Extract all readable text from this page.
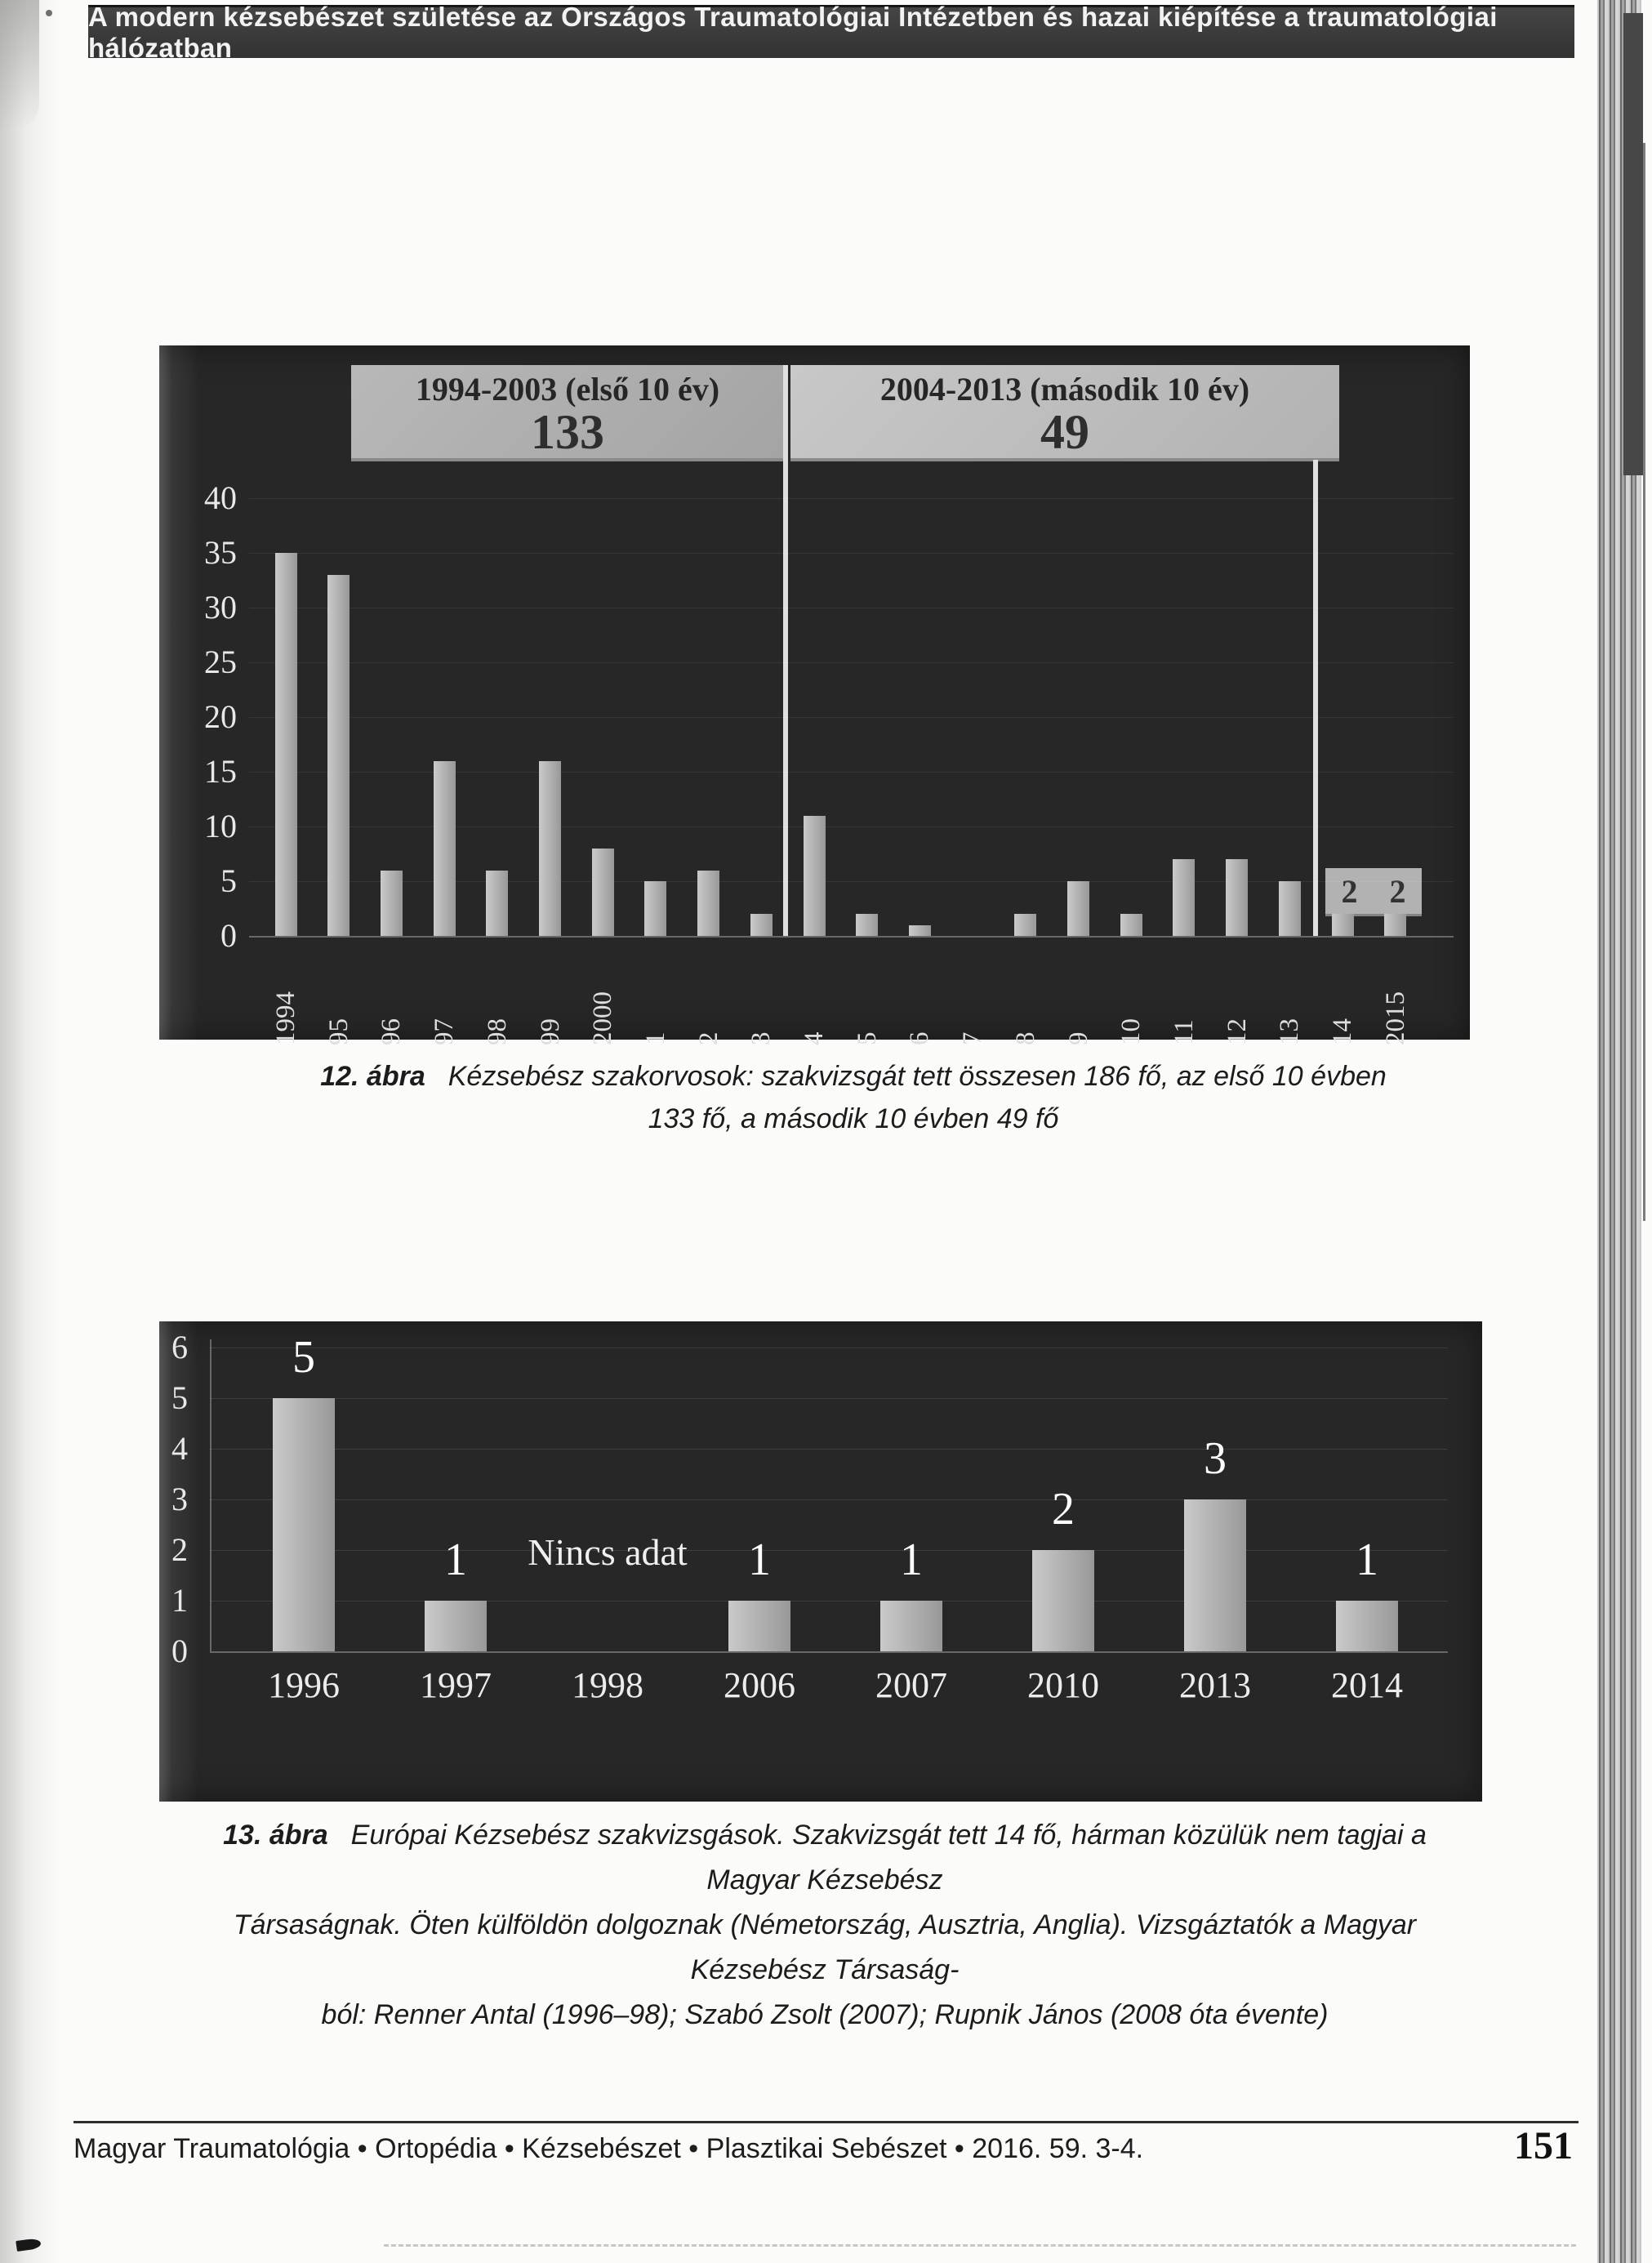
A modern kézsebészet születése az Országos Traumatológiai Intézetben és hazai kiépítése a traumatológiai hálózatban
1994-2003 (első 10 év)
133
2004-2013 (második 10 év)
49
2 2
0
5
10
15
20
25
30
35
40
1994 95 96 97 98 99 2000 1 2 3 4 5 6 7 8 9 10 11 12 13 14 2015

12. ábra Kézsebész szakorvosok: szakvizsgát tett összesen 186 fő, az első 10 évben
133 fő, a második 10 évben 49 fő

0
1
2
3
4
5
6	5
1996
1
1997
Nincs adat
1998
1
2006
1
2007
2
2010
3
2013
1
2014

13. ábra Európai Kézsebész szakvizsgások. Szakvizsgát tett 14 fő, hárman közülük nem tagjai a Magyar Kézsebész
Társaságnak. Öten külföldön dolgoznak (Németország, Ausztria, Anglia). Vizsgáztatók a Magyar Kézsebész Társaság-
ból: Renner Antal (1996–98); Szabó Zsolt (2007); Rupnik János (2008 óta évente)

Magyar Traumatológia • Ortopédia • Kézsebészet • Plasztikai Sebészet • 2016. 59. 3-4.	151
